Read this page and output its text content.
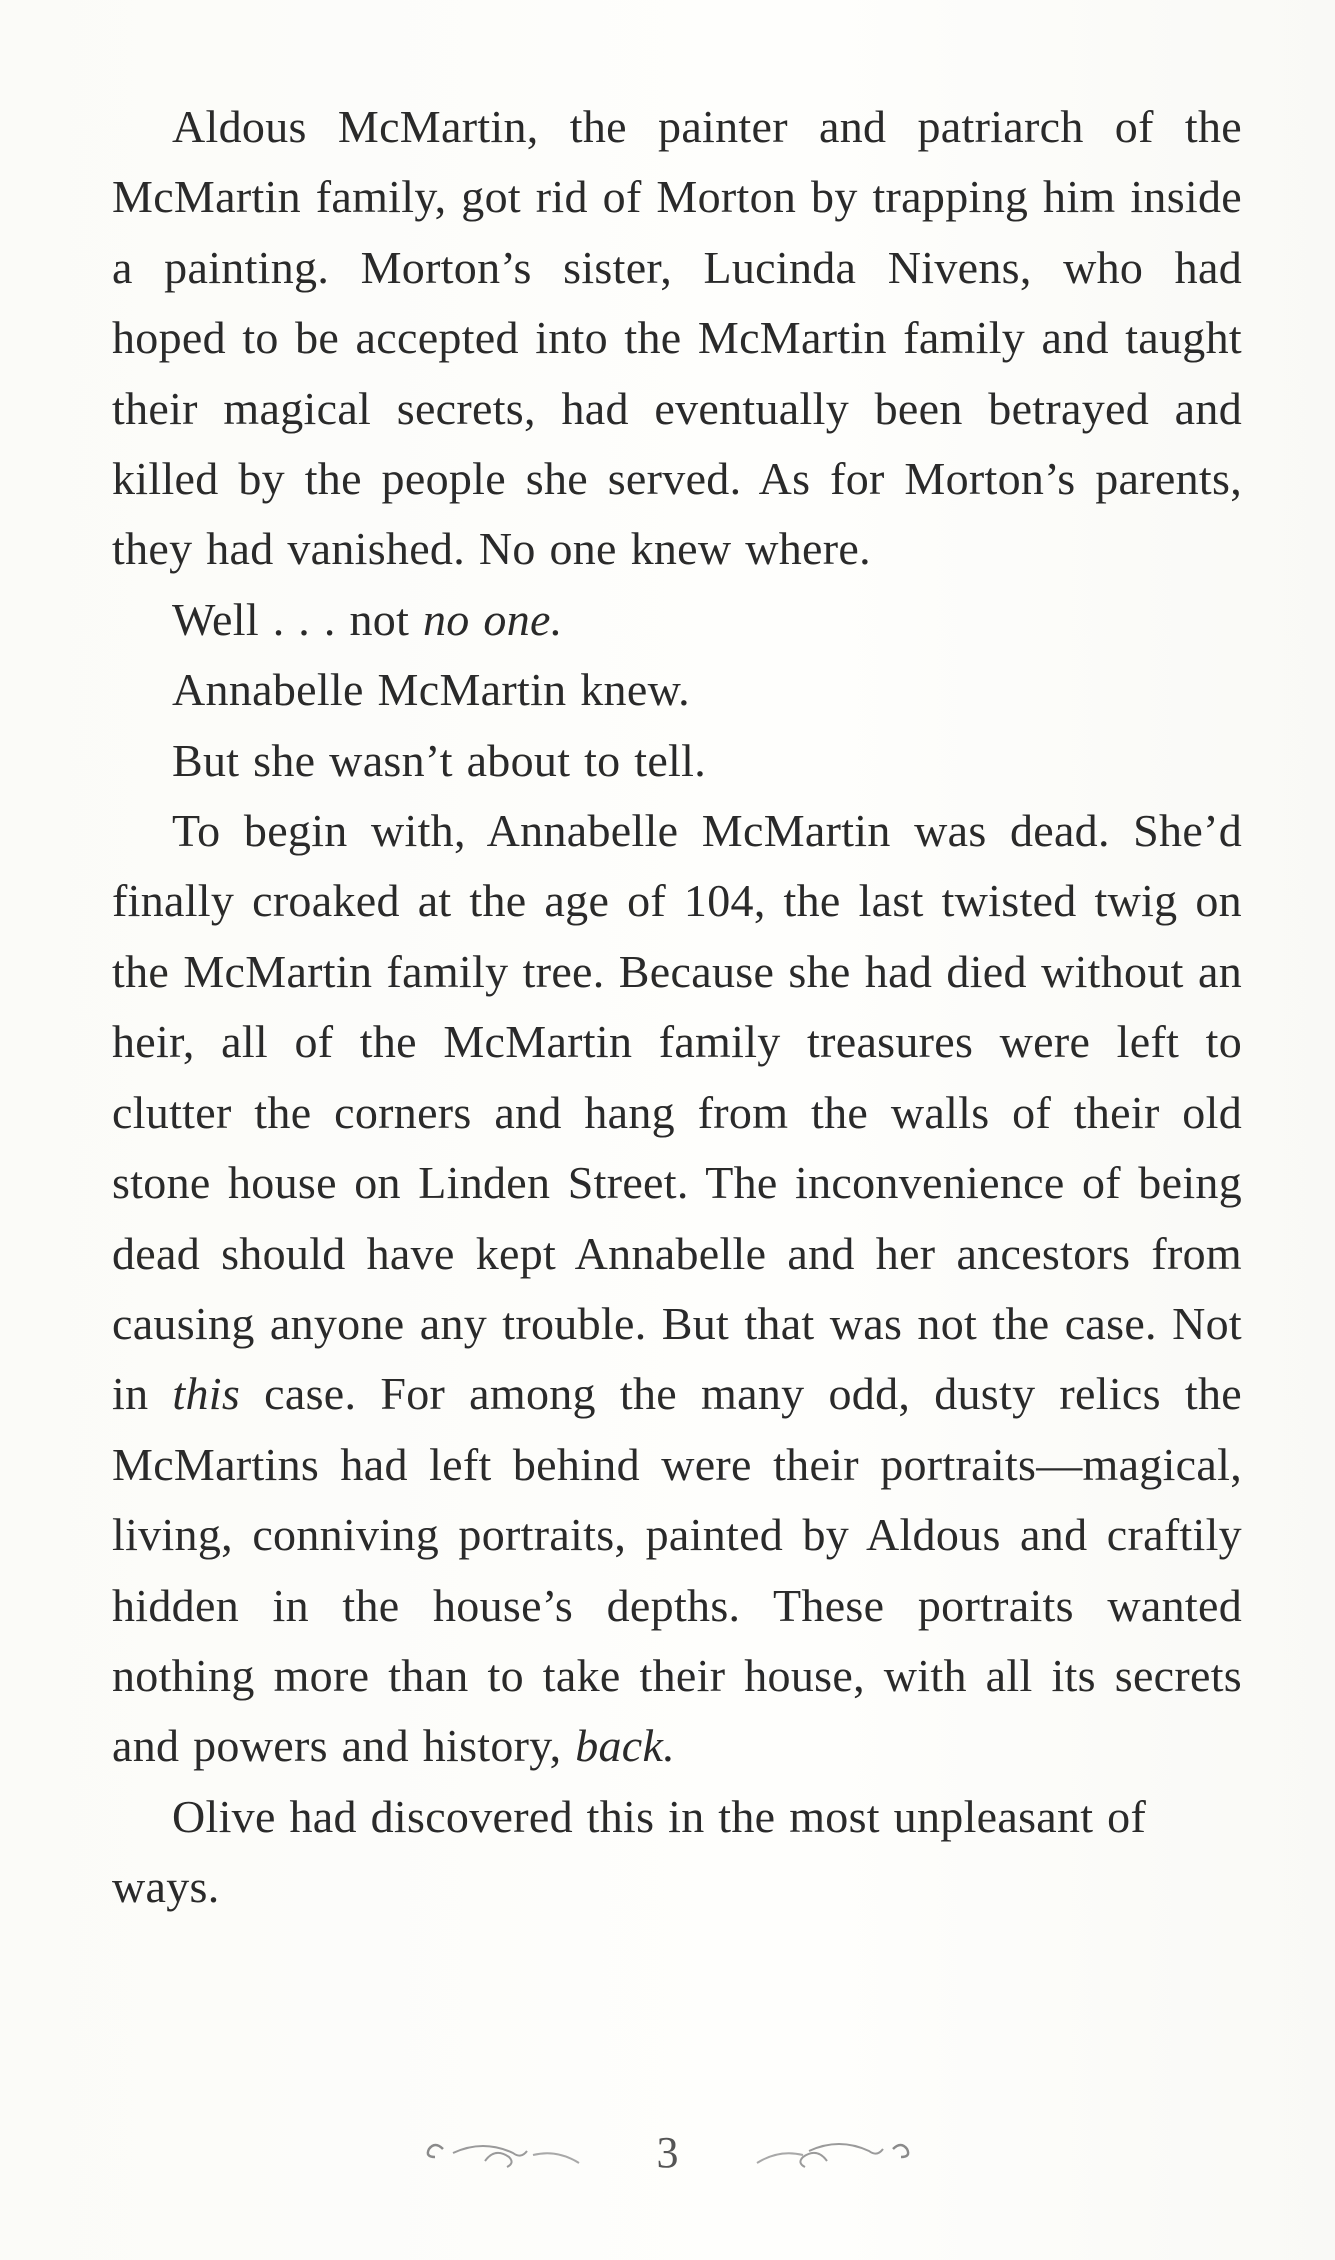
Aldous McMartin, the painter and patriarch of the McMartin family, got rid of Morton by trapping him inside a painting. Morton’s sister, Lucinda Nivens, who had hoped to be accepted into the McMartin family and taught their magical secrets, had eventually been betrayed and killed by the people she served. As for Morton’s parents, they had vanished. No one knew where.

Well . . . not no one.

Annabelle McMartin knew.

But she wasn’t about to tell.

To begin with, Annabelle McMartin was dead. She’d finally croaked at the age of 104, the last twisted twig on the McMartin family tree. Because she had died without an heir, all of the McMartin family treasures were left to clutter the corners and hang from the walls of their old stone house on Linden Street. The inconvenience of being dead should have kept Annabelle and her ancestors from causing anyone any trouble. But that was not the case. Not in this case. For among the many odd, dusty relics the McMartins had left behind were their portraits—magical, living, conniving portraits, painted by Aldous and craftily hidden in the house’s depths. These portraits wanted nothing more than to take their house, with all its secrets and powers and history, back.

Olive had discovered this in the most unpleasant of ways.

3
